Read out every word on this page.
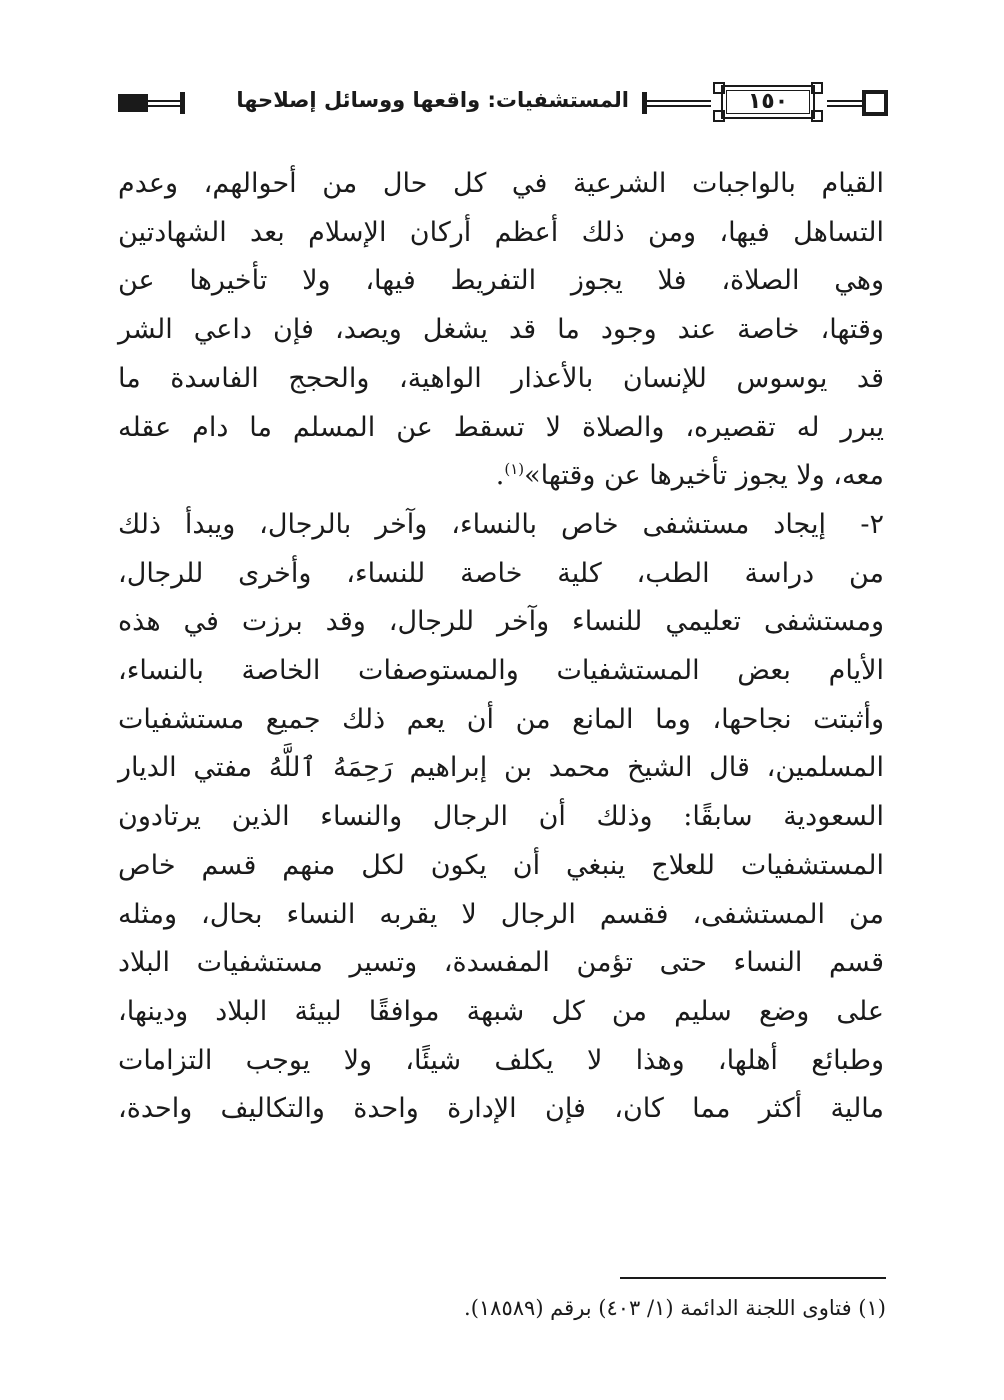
المستشفيات: واقعها ووسائل إصلاحها	١٥٠
القيام بالواجبات الشرعية في كل حال من أحوالهم، وعدم
التساهل فيها، ومن ذلك أعظم أركان الإسلام بعد الشهادتين
وهي الصلاة، فلا يجوز التفريط فيها، ولا تأخيرها عن
وقتها، خاصة عند وجود ما قد يشغل ويصد، فإن داعي الشر
قد يوسوس للإنسان بالأعذار الواهية، والحجج الفاسدة ما
يبرر له تقصيره، والصلاة لا تسقط عن المسلم ما دام عقله
معه، ولا يجوز تأخيرها عن وقتها»$^{(١)}$.
٢-
إيجاد مستشفى خاص بالنساء، وآخر بالرجال، ويبدأ ذلك
من دراسة الطب، كلية خاصة للنساء، وأخرى للرجال،
ومستشفى تعليمي للنساء وآخر للرجال، وقد برزت في هذه
الأيام بعض المستشفيات والمستوصفات الخاصة بالنساء،
وأثبتت نجاحها، وما المانع من أن يعم ذلك جميع مستشفيات
المسلمين، قال الشيخ محمد بن إبراهيم رَحِمَهُ ٱللَّهُ مفتي الديار
السعودية سابقًا: وذلك أن الرجال والنساء الذين يرتادون
المستشفيات للعلاج ينبغي أن يكون لكل منهم قسم خاص
من المستشفى، فقسم الرجال لا يقربه النساء بحال، ومثله
قسم النساء حتى تؤمن المفسدة، وتسير مستشفيات البلاد
على وضع سليم من كل شبهة موافقًا لبيئة البلاد ودينها،
وطبائع أهلها، وهذا لا يكلف شيئًا، ولا يوجب التزامات
مالية أكثر مما كان، فإن الإدارة واحدة والتكاليف واحدة،
(١) فتاوى اللجنة الدائمة (١/ ٤٠٣) برقم (١٨٥٨٩).
